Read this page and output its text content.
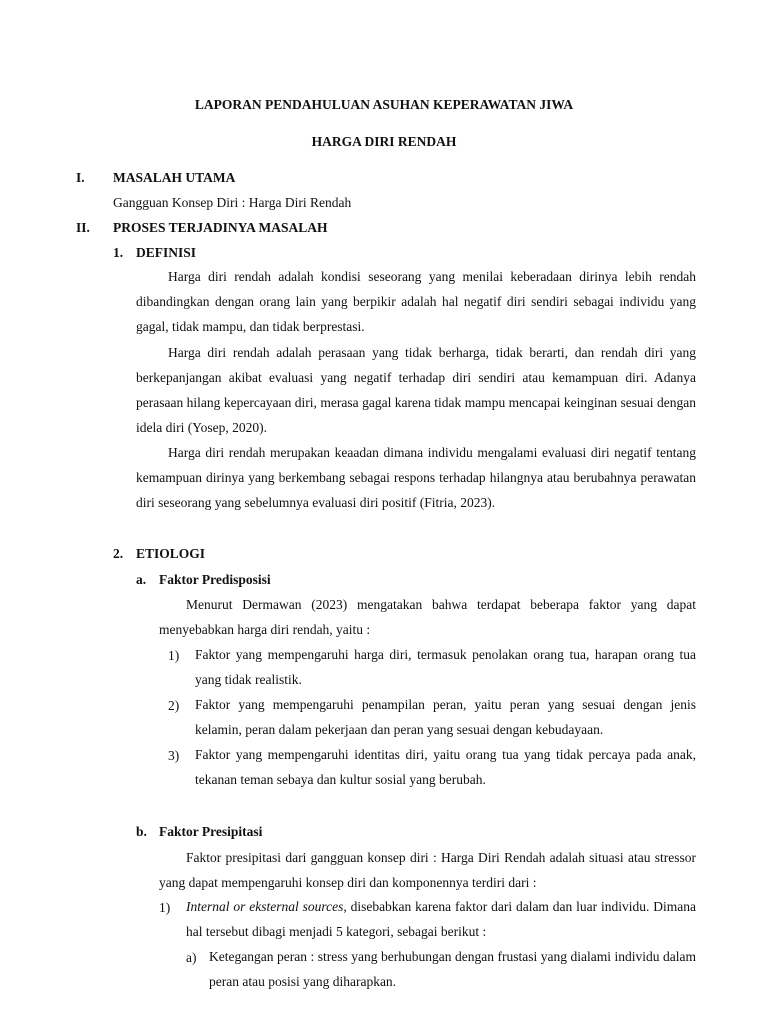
LAPORAN PENDAHULUAN ASUHAN KEPERAWATAN JIWA
HARGA DIRI RENDAH
I. MASALAH UTAMA
Gangguan Konsep Diri : Harga Diri Rendah
II. PROSES TERJADINYA MASALAH
1. DEFINISI
Harga diri rendah adalah kondisi seseorang yang menilai keberadaan dirinya lebih rendah dibandingkan dengan orang lain yang berpikir adalah hal negatif diri sendiri sebagai individu yang gagal, tidak mampu, dan tidak berprestasi.
Harga diri rendah adalah perasaan yang tidak berharga, tidak berarti, dan rendah diri yang berkepanjangan akibat evaluasi yang negatif terhadap diri sendiri atau kemampuan diri. Adanya perasaan hilang kepercayaan diri, merasa gagal karena tidak mampu mencapai keinginan sesuai dengan idela diri (Yosep, 2020).
Harga diri rendah merupakan keaadan dimana individu mengalami evaluasi diri negatif tentang kemampuan dirinya yang berkembang sebagai respons terhadap hilangnya atau berubahnya perawatan diri seseorang yang sebelumnya evaluasi diri positif (Fitria, 2023).
2. ETIOLOGI
a. Faktor Predisposisi
Menurut Dermawan (2023) mengatakan bahwa terdapat beberapa faktor yang dapat menyebabkan harga diri rendah, yaitu :
1) Faktor yang mempengaruhi harga diri, termasuk penolakan orang tua, harapan orang tua yang tidak realistik.
2) Faktor yang mempengaruhi penampilan peran, yaitu peran yang sesuai dengan jenis kelamin, peran dalam pekerjaan dan peran yang sesuai dengan kebudayaan.
3) Faktor yang mempengaruhi identitas diri, yaitu orang tua yang tidak percaya pada anak, tekanan teman sebaya dan kultur sosial yang berubah.
b. Faktor Presipitasi
Faktor presipitasi dari gangguan konsep diri : Harga Diri Rendah adalah situasi atau stressor yang dapat mempengaruhi konsep diri dan komponennya terdiri dari :
1) Internal or eksternal sources, disebabkan karena faktor dari dalam dan luar individu. Dimana hal tersebut dibagi menjadi 5 kategori, sebagai berikut :
a) Ketegangan peran : stress yang berhubungan dengan frustasi yang dialami individu dalam peran atau posisi yang diharapkan.
